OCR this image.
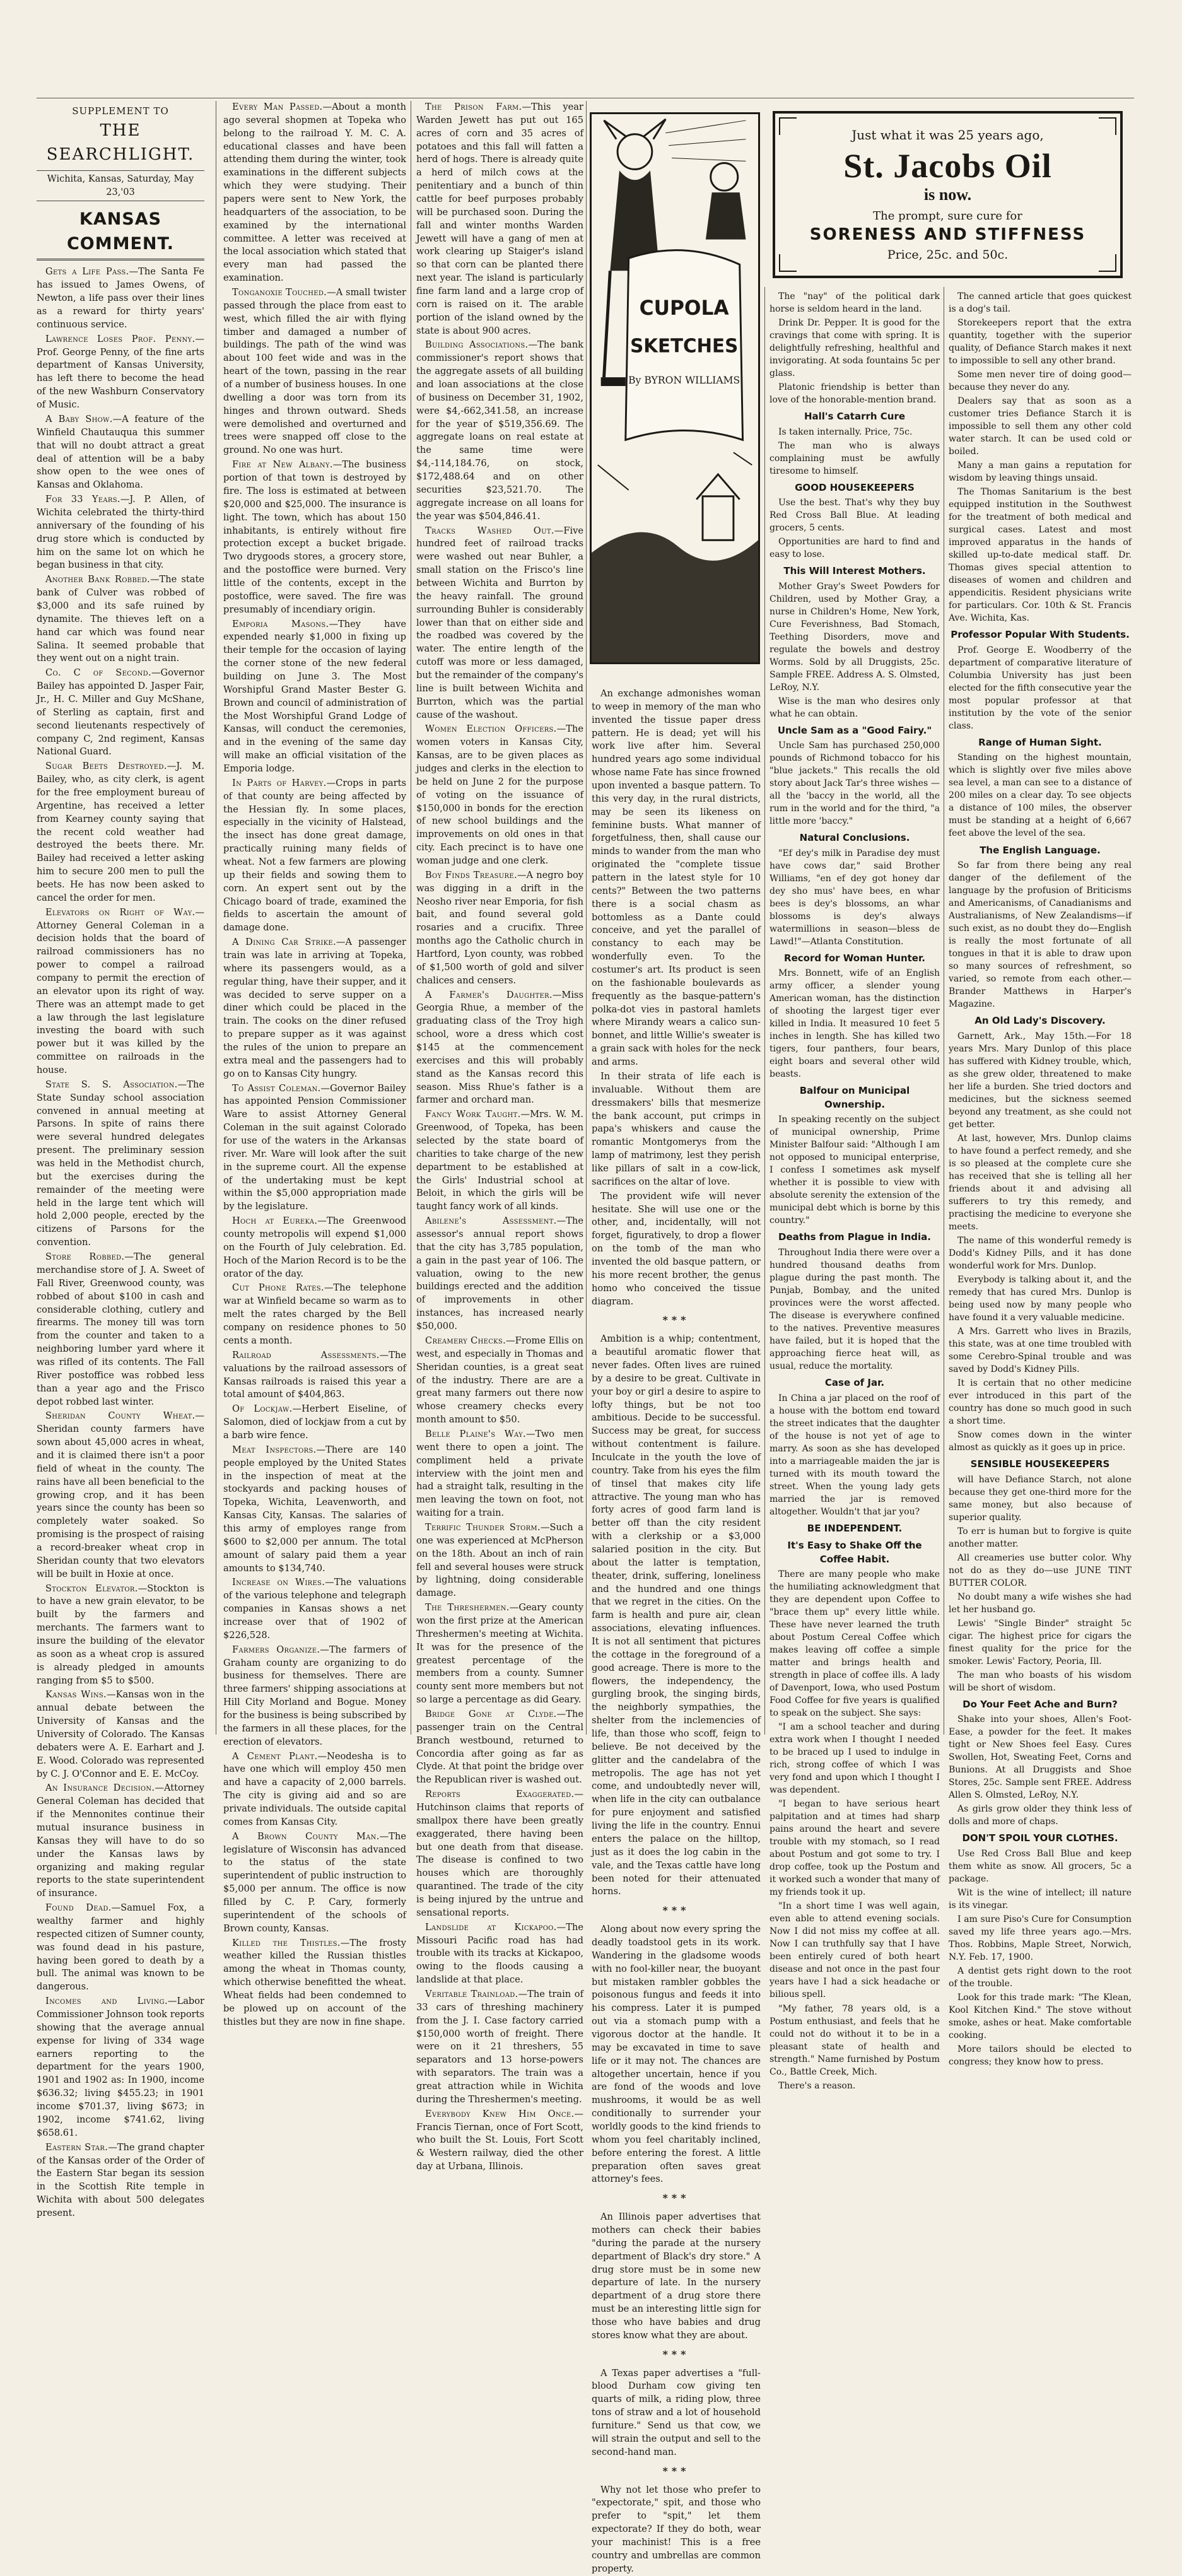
SUPPLEMENT TO
THE SEARCHLIGHT.
Wichita, Kansas, Saturday, May 23,'03
KANSAS COMMENT.

Gets a Life Pass.—The Santa Fe has issued to James Owens, of Newton, a life pass over their lines as a reward for thirty years' continuous service.

Lawrence Loses Prof. Penny.—Prof. George Penny, of the fine arts department of Kansas University, has left there to become the head of the new Washburn Conservatory of Music.

A Baby Show.—A feature of the Winfield Chautauqua this summer that will no doubt attract a great deal of attention will be a baby show open to the wee ones of Kansas and Oklahoma.

For 33 Years.—J. P. Allen, of Wichita celebrated the thirty-third anniversary of the founding of his drug store which is conducted by him on the same lot on which he began business in that city.

Another Bank Robbed.—The state bank of Culver was robbed of $3,000 and its safe ruined by dynamite. The thieves left on a hand car which was found near Salina. It seemed probable that they went out on a night train.

Co. C of Second.—Governor Bailey has appointed D. Jasper Fair, Jr., H. C. Miller and Guy McShane, of Sterling as captain, first and second lieutenants respectively of company C, 2nd regiment, Kansas National Guard.

Sugar Beets Destroyed.—J. M. Bailey, who, as city clerk, is agent for the free employment bureau of Argentine, has received a letter from Kearney county saying that the recent cold weather had destroyed the beets there. Mr. Bailey had received a letter asking him to secure 200 men to pull the beets. He has now been asked to cancel the order for men.

Elevators on Right of Way.—Attorney General Coleman in a decision holds that the board of railroad commissioners has no power to compel a railroad company to permit the erection of an elevator upon its right of way. There was an attempt made to get a law through the last legislature investing the board with such power but it was killed by the committee on railroads in the house.

State S. S. Association.—The State Sunday school association convened in annual meeting at Parsons. In spite of rains there were several hundred delegates present. The preliminary session was held in the Methodist church, but the exercises during the remainder of the meeting were held in the large tent which will hold 2,000 people, erected by the citizens of Parsons for the convention.

Store Robbed.—The general merchandise store of J. A. Sweet of Fall River, Greenwood county, was robbed of about $100 in cash and considerable clothing, cutlery and firearms. The money till was torn from the counter and taken to a neighboring lumber yard where it was rifled of its contents. The Fall River postoffice was robbed less than a year ago and the Frisco depot robbed last winter.

Sheridan County Wheat.—Sheridan county farmers have sown about 45,000 acres in wheat, and it is claimed there isn't a poor field of wheat in the county. The rains have all been beneficial to the growing crop, and it has been years since the county has been so completely water soaked. So promising is the prospect of raising a record-breaker wheat crop in Sheridan county that two elevators will be built in Hoxie at once.

Stockton Elevator.—Stockton is to have a new grain elevator, to be built by the farmers and merchants. The farmers want to insure the building of the elevator as soon as a wheat crop is assured is already pledged in amounts ranging from $5 to $500.

Kansas Wins.—Kansas won in the annual debate between the University of Kansas and the University of Colorado. The Kansas debaters were A. E. Earhart and J. E. Wood. Colorado was represented by C. J. O'Connor and E. E. McCoy.

An Insurance Decision.—Attorney General Coleman has decided that if the Mennonites continue their mutual insurance business in Kansas they will have to do so under the Kansas laws by organizing and making regular reports to the state superintendent of insurance.

Found Dead.—Samuel Fox, a wealthy farmer and highly respected citizen of Sumner county, was found dead in his pasture, having been gored to death by a bull. The animal was known to be dangerous.

Incomes and Living.—Labor Commissioner Johnson took reports showing that the average annual expense for living of 334 wage earners reporting to the department for the years 1900, 1901 and 1902 as: In 1900, income $636.32; living $455.23; in 1901 income $701.37, living $673; in 1902, income $741.62, living $658.61.

Eastern Star.—The grand chapter of the Kansas order of the Order of the Eastern Star began its session in the Scottish Rite temple in Wichita with about 500 delegates present.

Every Man Passed.—About a month ago several shopmen at Topeka who belong to the railroad Y. M. C. A. educational classes and have been attending them during the winter, took examinations in the different subjects which they were studying. Their papers were sent to New York, the headquarters of the association, to be examined by the international committee. A letter was received at the local association which stated that every man had passed the examination.

Tonganoxie Touched.—A small twister passed through the place from east to west, which filled the air with flying timber and damaged a number of buildings. The path of the wind was about 100 feet wide and was in the heart of the town, passing in the rear of a number of business houses. In one dwelling a door was torn from its hinges and thrown outward. Sheds were demolished and overturned and trees were snapped off close to the ground. No one was hurt.

Fire at New Albany.—The business portion of that town is destroyed by fire. The loss is estimated at between $20,000 and $25,000. The insurance is light. The town, which has about 150 inhabitants, is entirely without fire protection except a bucket brigade. Two drygoods stores, a grocery store, and the postoffice were burned. Very little of the contents, except in the postoffice, were saved. The fire was presumably of incendiary origin.

Emporia Masons.—They have expended nearly $1,000 in fixing up their temple for the occasion of laying the corner stone of the new federal building on June 3. The Most Worshipful Grand Master Bester G. Brown and council of administration of the Most Worshipful Grand Lodge of Kansas, will conduct the ceremonies, and in the evening of the same day will make an official visitation of the Emporia lodge.

In Parts of Harvey.—Crops in parts of that county are being affected by the Hessian fly. In some places, especially in the vicinity of Halstead, the insect has done great damage, practically ruining many fields of wheat. Not a few farmers are plowing up their fields and sowing them to corn. An expert sent out by the Chicago board of trade, examined the fields to ascertain the amount of damage done.

A Dining Car Strike.—A passenger train was late in arriving at Topeka, where its passengers would, as a regular thing, have their supper, and it was decided to serve supper on a diner which could be placed in the train. The cooks on the diner refused to prepare supper as it was against the rules of the union to prepare an extra meal and the passengers had to go on to Kansas City hungry.

To Assist Coleman.—Governor Bailey has appointed Pension Commissioner Ware to assist Attorney General Coleman in the suit against Colorado for use of the waters in the Arkansas river. Mr. Ware will look after the suit in the supreme court. All the expense of the undertaking must be kept within the $5,000 appropriation made by the legislature.

Hoch at Eureka.—The Greenwood county metropolis will expend $1,000 on the Fourth of July celebration. Ed. Hoch of the Marion Record is to be the orator of the day.

Cut Phone Rates.—The telephone war at Winfield became so warm as to melt the rates charged by the Bell company on residence phones to 50 cents a month.

Railroad Assessments.—The valuations by the railroad assessors of Kansas railroads is raised this year a total amount of $404,863.

Of Lockjaw.—Herbert Eiseline, of Salomon, died of lockjaw from a cut by a barb wire fence.

Meat Inspectors.—There are 140 people employed by the United States in the inspection of meat at the stockyards and packing houses of Topeka, Wichita, Leavenworth, and Kansas City, Kansas. The salaries of this army of employes range from $600 to $2,000 per annum. The total amount of salary paid them a year amounts to $134,740.

Increase on Wires.—The valuations of the various telephone and telegraph companies in Kansas shows a net increase over that of 1902 of $226,528.

Farmers Organize.—The farmers of Graham county are organizing to do business for themselves. There are three farmers' shipping associations at Hill City Morland and Bogue. Money for the business is being subscribed by the farmers in all these places, for the erection of elevators.

A Cement Plant.—Neodesha is to have one which will employ 450 men and have a capacity of 2,000 barrels. The city is giving aid and so are private individuals. The outside capital comes from Kansas City.

A Brown County Man.—The legislature of Wisconsin has advanced to the status of the state superintendent of public instruction to $5,000 per annum. The office is now filled by C. P. Cary, formerly superintendent of the schools of Brown county, Kansas.

Killed the Thistles.—The frosty weather killed the Russian thistles among the wheat in Thomas county, which otherwise benefitted the wheat. Wheat fields had been condemned to be plowed up on account of the thistles but they are now in fine shape.

The Prison Farm.—This year Warden Jewett has put out 165 acres of corn and 35 acres of potatoes and this fall will fatten a herd of hogs. There is already quite a herd of milch cows at the penitentiary and a bunch of thin cattle for beef purposes probably will be purchased soon. During the fall and winter months Warden Jewett will have a gang of men at work clearing up Staiger's island so that corn can be planted there next year. The island is particularly fine farm land and a large crop of corn is raised on it. The arable portion of the island owned by the state is about 900 acres.

Building Associations.—The bank commissioner's report shows that the aggregate assets of all building and loan associations at the close of business on December 31, 1902, were $4,-662,341.58, an increase for the year of $519,356.69. The aggregate loans on real estate at the same time were $4,-114,184.76, on stock, $172,488.64 and on other securities $23,521.70. The aggregate increase on all loans for the year was $504,846.41.

Tracks Washed Out.—Five hundred feet of railroad tracks were washed out near Buhler, a small station on the Frisco's line between Wichita and Burrton by the heavy rainfall. The ground surrounding Buhler is considerably lower than that on either side and the roadbed was covered by the water. The entire length of the cutoff was more or less damaged, but the remainder of the company's line is built between Wichita and Burrton, which was the partial cause of the washout.

Women Election Officers.—The women voters in Kansas City, Kansas, are to be given places as judges and clerks in the election to be held on June 2 for the purpose of voting on the issuance of $150,000 in bonds for the erection of new school buildings and the improvements on old ones in that city. Each precinct is to have one woman judge and one clerk.

Boy Finds Treasure.—A negro boy was digging in a drift in the Neosho river near Emporia, for fish bait, and found several gold rosaries and a crucifix. Three months ago the Catholic church in Hartford, Lyon county, was robbed of $1,500 worth of gold and silver chalices and censers.

A Farmer's Daughter.—Miss Georgia Rhue, a member of the graduating class of the Troy high school, wore a dress which cost $145 at the commencement exercises and this will probably stand as the Kansas record this season. Miss Rhue's father is a farmer and orchard man.

Fancy Work Taught.—Mrs. W. M. Greenwood, of Topeka, has been selected by the state board of charities to take charge of the new department to be established at the Girls' Industrial school at Beloit, in which the girls will be taught fancy work of all kinds.

Abilene's Assessment.—The assessor's annual report shows that the city has 3,785 population, a gain in the past year of 106. The valuation, owing to the new buildings erected and the addition of improvements in other instances, has increased nearly $50,000.

Creamery Checks.—Frome Ellis on west, and especially in Thomas and Sheridan counties, is a great seat of the industry. There are are a great many farmers out there now whose creamery checks every month amount to $50.

Belle Plaine's Way.—Two men went there to open a joint. The compliment held a private interview with the joint men and had a straight talk, resulting in the men leaving the town on foot, not waiting for a train.

Terrific Thunder Storm.—Such a one was experienced at McPherson on the 18th. About an inch of rain fell and several houses were struck by lightning, doing considerable damage.

The Threshermen.—Geary county won the first prize at the American Threshermen's meeting at Wichita. It was for the presence of the greatest percentage of the members from a county. Sumner county sent more members but not so large a percentage as did Geary.

Bridge Gone at Clyde.—The passenger train on the Central Branch westbound, returned to Concordia after going as far as Clyde. At that point the bridge over the Republican river is washed out.

Reports Exaggerated.—Hutchinson claims that reports of smallpox there have been greatly exaggerated, there having been but one death from that disease. The disease is confined to two houses which are thoroughly quarantined. The trade of the city is being injured by the untrue and sensational reports.

Landslide at Kickapoo.—The Missouri Pacific road has had trouble with its tracks at Kickapoo, owing to the floods causing a landslide at that place.

Veritable Trainload.—The train of 33 cars of threshing machinery from the J. I. Case factory carried $150,000 worth of freight. There were on it 21 threshers, 55 separators and 13 horse-powers with separators. The train was a great attraction while in Wichita during the Threshermen's meeting.

Everybody Knew Him Once.—Francis Tiernan, once of Fort Scott, who built the St. Louis, Fort Scott & Western railway, died the other day at Urbana, Illinois.

CUPOLA
SKETCHES
By BYRON WILLIAMS

An exchange admonishes woman to weep in memory of the man who invented the tissue paper dress pattern. He is dead; yet will his work live after him. Several hundred years ago some individual whose name Fate has since frowned upon invented a basque pattern. To this very day, in the rural districts, may be seen its likeness on feminine busts. What manner of forgetfulness, then, shall cause our minds to wander from the man who originated the "complete tissue pattern in the latest style for 10 cents?" Between the two patterns there is a social chasm as bottomless as a Dante could conceive, and yet the parallel of constancy to each may be wonderfully even. To the costumer's art. Its product is seen on the fashionable boulevards as frequently as the basque-pattern's polka-dot vies in pastoral hamlets where Mirandy wears a calico sun-bonnet, and little Willie's sweater is a grain sack with holes for the neck and arms.

In their strata of life each is invaluable. Without them are dressmakers' bills that mesmerize the bank account, put crimps in papa's whiskers and cause the romantic Montgomerys from the lamp of matrimony, lest they perish like pillars of salt in a cow-lick, sacrifices on the altar of love.

The provident wife will never hesitate. She will use one or the other, and, incidentally, will not forget, figuratively, to drop a flower on the tomb of the man who invented the old basque pattern, or his more recent brother, the genus homo who conceived the tissue diagram.

***

Ambition is a whip; contentment, a beautiful aromatic flower that never fades. Often lives are ruined by a desire to be great. Cultivate in your boy or girl a desire to aspire to lofty things, but be not too ambitious. Decide to be successful. Success may be great, for success without contentment is failure. Inculcate in the youth the love of country. Take from his eyes the film of tinsel that makes city life attractive. The young man who has forty acres of good farm land is better off than the city resident with a clerkship or a $3,000 salaried position in the city. But about the latter is temptation, theater, drink, suffering, loneliness and the hundred and one things that we regret in the cities. On the farm is health and pure air, clean associations, elevating influences. It is not all sentiment that pictures the cottage in the foreground of a good acreage. There is more to the flowers, the independency, the gurgling brook, the singing birds, the neighborly sympathies, the shelter from the inclemencies of life, than those who scoff, feign to believe. Be not deceived by the glitter and the candelabra of the metropolis. The age has not yet come, and undoubtedly never will, when life in the city can outbalance for pure enjoyment and satisfied living the life in the country. Ennui enters the palace on the hilltop, just as it does the log cabin in the vale, and the Texas cattle have long been noted for their attenuated horns.

***

Along about now every spring the deadly toadstool gets in its work. Wandering in the gladsome woods with no fool-killer near, the buoyant but mistaken rambler gobbles the poisonous fungus and feeds it into his compress. Later it is pumped out via a stomach pump with a vigorous doctor at the handle. It may be excavated in time to save life or it may not. The chances are altogether uncertain, hence if you are fond of the woods and love mushrooms, it would be as well conditionally to surrender your worldly goods to the kind friends to whom you feel charitably inclined, before entering the forest. A little preparation often saves great attorney's fees.

***

An Illinois paper advertises that mothers can check their babies "during the parade at the nursery department of Black's dry store." A drug store must be in some new departure of late. In the nursery department of a drug store there must be an interesting little sign for those who have babies and drug stores know what they are about.

***

A Texas paper advertises a "full-blood Durham cow giving ten quarts of milk, a riding plow, three tons of straw and a lot of household furniture." Send us that cow, we will strain the output and sell to the second-hand man.

***

Why not let those who prefer to "expectorate," spit, and those who prefer to "spit," let them expectorate? If they do both, wear your machinist! This is a free country and umbrellas are common property.

Just what it was 25 years ago,
St. Jacobs Oil
is now.
The prompt, sure cure for
SORENESS AND STIFFNESS
Price, 25c. and 50c.

The "nay" of the political dark horse is seldom heard in the land.

Drink Dr. Pepper. It is good for the cravings that come with spring. It is delightfully refreshing, healthful and invigorating. At soda fountains 5c per glass.

Platonic friendship is better than love of the honorable-mention brand.

Hall's Catarrh Cure

Is taken internally. Price, 75c.

The man who is always complaining must be awfully tiresome to himself.

GOOD HOUSEKEEPERS

Use the best. That's why they buy Red Cross Ball Blue. At leading grocers, 5 cents.

Opportunities are hard to find and easy to lose.

This Will Interest Mothers.

Mother Gray's Sweet Powders for Children, used by Mother Gray, a nurse in Children's Home, New York, Cure Feverishness, Bad Stomach, Teething Disorders, move and regulate the bowels and destroy Worms. Sold by all Druggists, 25c. Sample FREE. Address A. S. Olmsted, LeRoy, N.Y.

Wise is the man who desires only what he can obtain.

Uncle Sam as a "Good Fairy."

Uncle Sam has purchased 250,000 pounds of Richmond tobacco for his "blue jackets." This recalls the old story about Jack Tar's three wishes —all the 'baccy in the world, all the rum in the world and for the third, "a little more 'baccy."

Natural Conclusions.

"Ef dey's milk in Paradise dey must have cows dar," said Brother Williams, "en ef dey got honey dar dey sho mus' have bees, en whar bees is dey's blossoms, an whar blossoms is dey's always watermillions in season—bless de Lawd!"—Atlanta Constitution.

Record for Woman Hunter.

Mrs. Bonnett, wife of an English army officer, a slender young American woman, has the distinction of shooting the largest tiger ever killed in India. It measured 10 feet 5 inches in length. She has killed two tigers, four panthers, four bears, eight boars and several other wild beasts.

Balfour on Municipal Ownership.

In speaking recently on the subject of municipal ownership, Prime Minister Balfour said: "Although I am not opposed to municipal enterprise, I confess I sometimes ask myself whether it is possible to view with absolute serenity the extension of the municipal debt which is borne by this country."

Deaths from Plague in India.

Throughout India there were over a hundred thousand deaths from plague during the past month. The Punjab, Bombay, and the united provinces were the worst affected. The disease is everywhere confined to the natives. Preventive measures have failed, but it is hoped that the approaching fierce heat will, as usual, reduce the mortality.

Case of Jar.

In China a jar placed on the roof of a house with the bottom end toward the street indicates that the daughter of the house is not yet of age to marry. As soon as she has developed into a marriageable maiden the jar is turned with its mouth toward the street. When the young lady gets married the jar is removed altogether. Wouldn't that jar you?

BE INDEPENDENT.
It's Easy to Shake Off the Coffee Habit.

There are many people who make the humiliating acknowledgment that they are dependent upon Coffee to "brace them up" every little while. These have never learned the truth about Postum Cereal Coffee which makes leaving off coffee a simple matter and brings health and strength in place of coffee ills. A lady of Davenport, Iowa, who used Postum Food Coffee for five years is qualified to speak on the subject. She says:

"I am a school teacher and during extra work when I thought I needed to be braced up I used to indulge in rich, strong coffee of which I was very fond and upon which I thought I was dependent.

"I began to have serious heart palpitation and at times had sharp pains around the heart and severe trouble with my stomach, so I read about Postum and got some to try. I drop coffee, took up the Postum and it worked such a wonder that many of my friends took it up.

"In a short time I was well again, even able to attend evening socials. Now I did not miss my coffee at all. Now I can truthfully say that I have been entirely cured of both heart disease and not once in the past four years have I had a sick headache or bilious spell.

"My father, 78 years old, is a Postum enthusiast, and feels that he could not do without it to be in a pleasant state of health and strength." Name furnished by Postum Co., Battle Creek, Mich.

There's a reason.

The canned article that goes quickest is a dog's tail.

Storekeepers report that the extra quantity, together with the superior quality, of Defiance Starch makes it next to impossible to sell any other brand.

Some men never tire of doing good—because they never do any.

Dealers say that as soon as a customer tries Defiance Starch it is impossible to sell them any other cold water starch. It can be used cold or boiled.

Many a man gains a reputation for wisdom by leaving things unsaid.

The Thomas Sanitarium is the best equipped institution in the Southwest for the treatment of both medical and surgical cases. Latest and most improved apparatus in the hands of skilled up-to-date medical staff. Dr. Thomas gives special attention to diseases of women and children and appendicitis. Resident physicians write for particulars. Cor. 10th & St. Francis Ave. Wichita, Kas.

Professor Popular With Students.

Prof. George E. Woodberry of the department of comparative literature of Columbia University has just been elected for the fifth consecutive year the most popular professor at that institution by the vote of the senior class.

Range of Human Sight.

Standing on the highest mountain, which is slightly over five miles above sea level, a man can see to a distance of 200 miles on a clear day. To see objects a distance of 100 miles, the observer must be standing at a height of 6,667 feet above the level of the sea.

The English Language.

So far from there being any real danger of the defilement of the language by the profusion of Briticisms and Americanisms, of Canadianisms and Australianisms, of New Zealandisms—if such exist, as no doubt they do—English is really the most fortunate of all tongues in that it is able to draw upon so many sources of refreshment, so varied, so remote from each other.—Brander Matthews in Harper's Magazine.

An Old Lady's Discovery.

Garnett, Ark., May 15th.—For 18 years Mrs. Mary Dunlop of this place has suffered with Kidney trouble, which, as she grew older, threatened to make her life a burden. She tried doctors and medicines, but the sickness seemed beyond any treatment, as she could not get better.

At last, however, Mrs. Dunlop claims to have found a perfect remedy, and she is so pleased at the complete cure she has received that she is telling all her friends about it and advising all sufferers to try this remedy, and practising the medicine to everyone she meets.

The name of this wonderful remedy is Dodd's Kidney Pills, and it has done wonderful work for Mrs. Dunlop.

Everybody is talking about it, and the remedy that has cured Mrs. Dunlop is being used now by many people who have found it a very valuable medicine.

A Mrs. Garrett who lives in Brazils, this state, was at one time troubled with some Cerebro-Spinal trouble and was saved by Dodd's Kidney Pills.

It is certain that no other medicine ever introduced in this part of the country has done so much good in such a short time.

Snow comes down in the winter almost as quickly as it goes up in price.

SENSIBLE HOUSEKEEPERS

will have Defiance Starch, not alone because they get one-third more for the same money, but also because of superior quality.

To err is human but to forgive is quite another matter.

All creameries use butter color. Why not do as they do—use JUNE TINT BUTTER COLOR.

No doubt many a wife wishes she had let her husband go.

Lewis' "Single Binder" straight 5c cigar. The highest price for cigars the finest quality for the price for the smoker. Lewis' Factory, Peoria, Ill.

The man who boasts of his wisdom will be short of wisdom.

Do Your Feet Ache and Burn?

Shake into your shoes, Allen's Foot-Ease, a powder for the feet. It makes tight or New Shoes feel Easy. Cures Swollen, Hot, Sweating Feet, Corns and Bunions. At all Druggists and Shoe Stores, 25c. Sample sent FREE. Address Allen S. Olmsted, LeRoy, N.Y.

As girls grow older they think less of dolls and more of chaps.

DON'T SPOIL YOUR CLOTHES.

Use Red Cross Ball Blue and keep them white as snow. All grocers, 5c a package.

Wit is the wine of intellect; ill nature is its vinegar.

I am sure Piso's Cure for Consumption saved my life three years ago.—Mrs. Thos. Robbins, Maple Street, Norwich, N.Y. Feb. 17, 1900.

A dentist gets right down to the root of the trouble.

Look for this trade mark: "The Klean, Kool Kitchen Kind." The stove without smoke, ashes or heat. Make comfortable cooking.

More tailors should be elected to congress; they know how to press.
